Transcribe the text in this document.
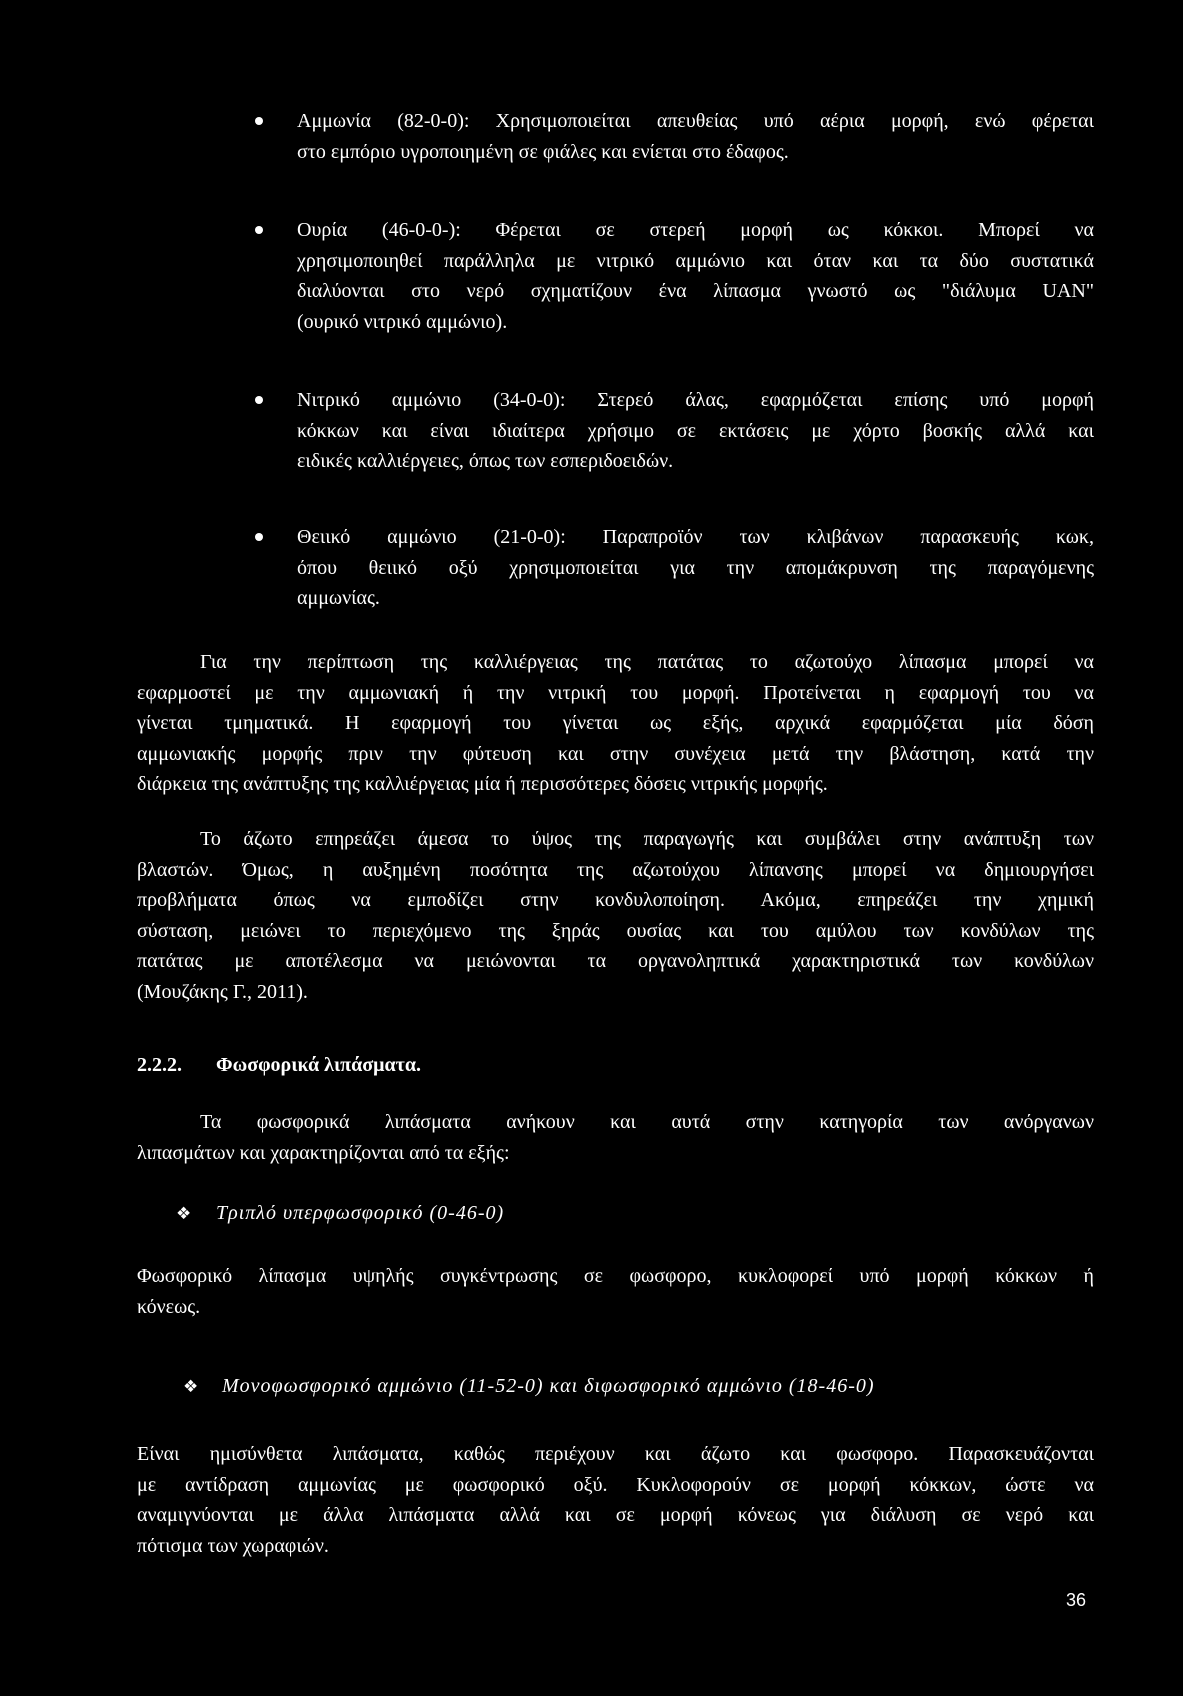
Αμμωνία (82-0-0): Χρησιμοποιείται απευθείας υπό αέρια μορφή, ενώ φέρεται
στο εμπόριο υγροποιημένη σε φιάλες και ενίεται στο έδαφος.
Ουρία (46-0-0-): Φέρεται σε στερεή μορφή ως κόκκοι. Μπορεί να
χρησιμοποιηθεί παράλληλα με νιτρικό αμμώνιο και όταν και τα δύο συστατικά
διαλύονται στο νερό σχηματίζουν ένα λίπασμα γνωστό ως "διάλυμα UAN"
(ουρικό νιτρικό αμμώνιο).
Νιτρικό αμμώνιο (34-0-0): Στερεό άλας, εφαρμόζεται επίσης υπό μορφή
κόκκων και είναι ιδιαίτερα χρήσιμο σε εκτάσεις με χόρτο βοσκής αλλά και
ειδικές καλλιέργειες, όπως των εσπεριδοειδών.
Θειικό αμμώνιο (21-0-0): Παραπροϊόν των κλιβάνων παρασκευής κωκ,
όπου θειικό οξύ χρησιμοποιείται για την απομάκρυνση της παραγόμενης
αμμωνίας.
Για την περίπτωση της καλλιέργειας της πατάτας το αζωτούχο λίπασμα μπορεί να
εφαρμοστεί με την αμμωνιακή ή την νιτρική του μορφή. Προτείνεται η εφαρμογή του να
γίνεται τμηματικά. Η εφαρμογή του γίνεται ως εξής, αρχικά εφαρμόζεται μία δόση
αμμωνιακής μορφής πριν την φύτευση και στην συνέχεια μετά την βλάστηση, κατά την
διάρκεια της ανάπτυξης της καλλιέργειας μία ή περισσότερες δόσεις νιτρικής μορφής.
Το άζωτο επηρεάζει άμεσα το ύψος της παραγωγής και συμβάλει στην ανάπτυξη των
βλαστών. Όμως, η αυξημένη ποσότητα της αζωτούχου λίπανσης μπορεί να δημιουργήσει
προβλήματα όπως να εμποδίζει στην κονδυλοποίηση. Ακόμα, επηρεάζει την χημική
σύσταση, μειώνει το περιεχόμενο της ξηράς ουσίας και του αμύλου των κονδύλων της
πατάτας με αποτέλεσμα να μειώνονται τα οργανοληπτικά χαρακτηριστικά των κονδύλων
(Μουζάκης Γ., 2011).
2.2.2. Φωσφορικά λιπάσματα.
Τα φωσφορικά λιπάσματα ανήκουν και αυτά στην κατηγορία των ανόργανων
λιπασμάτων και χαρακτηρίζονται από τα εξής:
❖
Τριπλό υπερφωσφορικό (0-46-0)
Φωσφορικό λίπασμα υψηλής συγκέντρωσης σε φωσφορο, κυκλοφορεί υπό μορφή κόκκων ή
κόνεως.
❖
Μονοφωσφορικό αμμώνιο (11-52-0) και διφωσφορικό αμμώνιο (18-46-0)
Είναι ημισύνθετα λιπάσματα, καθώς περιέχουν και άζωτο και φωσφορο. Παρασκευάζονται
με αντίδραση αμμωνίας με φωσφορικό οξύ. Κυκλοφορούν σε μορφή κόκκων, ώστε να
αναμιγνύονται με άλλα λιπάσματα αλλά και σε μορφή κόνεως για διάλυση σε νερό και
πότισμα των χωραφιών.
36
